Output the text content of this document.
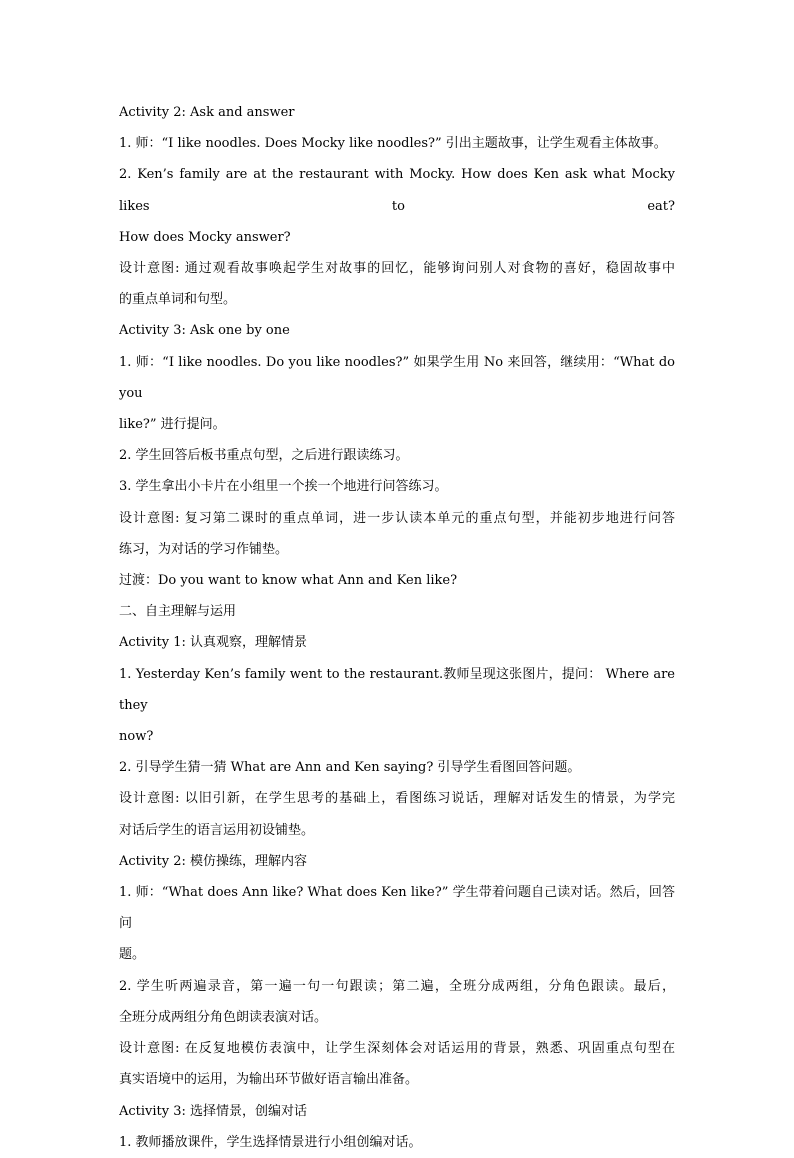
Activity 2: Ask and answer

1. 师：“I like noodles. Does Mocky like noodles?” 引出主题故事，让学生观看主体故事。

2. Ken’s family are at the restaurant with Mocky. How does Ken ask what Mocky likes to eat?

How does Mocky answer?

设计意图: 通过观看故事唤起学生对故事的回忆，能够询问别人对食物的喜好，稳固故事中

的重点单词和句型。

Activity 3: Ask one by one

1. 师：“I like noodles. Do you like noodles?” 如果学生用 No 来回答，继续用：“What do you

like?” 进行提问。

2. 学生回答后板书重点句型，之后进行跟读练习。

3. 学生拿出小卡片在小组里一个挨一个地进行问答练习。

设计意图: 复习第二课时的重点单词，进一步认读本单元的重点句型，并能初步地进行问答

练习，为对话的学习作铺垫。

过渡：Do you want to know what Ann and Ken like?

二、自主理解与运用

Activity 1: 认真观察，理解情景

1. Yesterday Ken’s family went to the restaurant.教师呈现这张图片，提问： Where are they

now?

2. 引导学生猜一猜 What are Ann and Ken saying? 引导学生看图回答问题。

设计意图: 以旧引新，在学生思考的基础上，看图练习说话，理解对话发生的情景，为学完

对话后学生的语言运用初设铺垫。

Activity 2: 模仿操练，理解内容

1. 师：“What does Ann like? What does Ken like?” 学生带着问题自己读对话。然后，回答问

题。

2. 学生听两遍录音，第一遍一句一句跟读；第二遍，全班分成两组，分角色跟读。最后，

全班分成两组分角色朗读表演对话。

设计意图: 在反复地模仿表演中，让学生深刻体会对话运用的背景，熟悉、巩固重点句型在

真实语境中的运用，为输出环节做好语言输出准备。

Activity 3: 选择情景，创编对话

1. 教师播放课件，学生选择情景进行小组创编对话。
